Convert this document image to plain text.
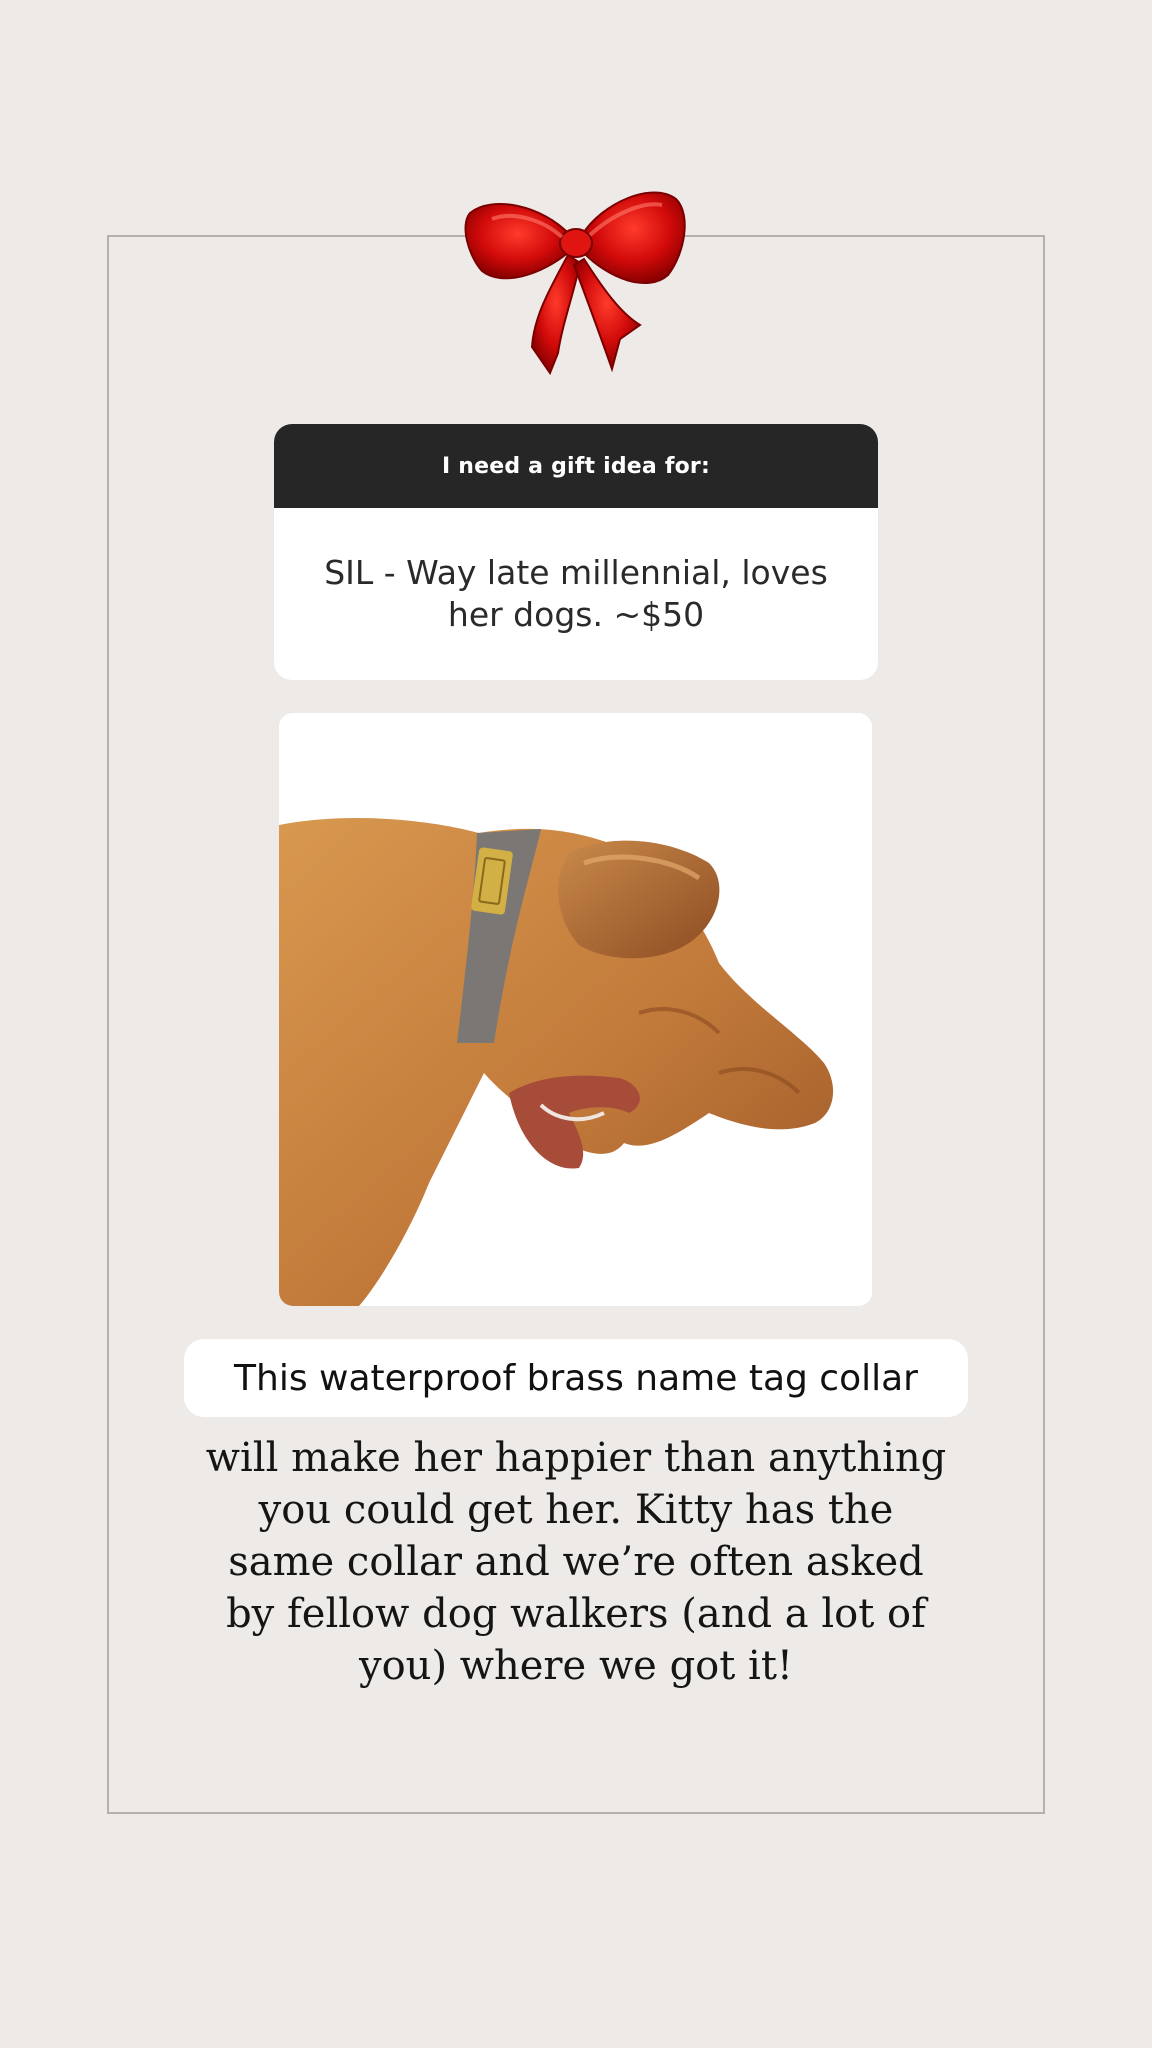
I need a gift idea for:
SIL - Way late millennial, loves her dogs. ~$50
This waterproof brass name tag collar
will make her happier than anything you could get her. Kitty has the same collar and we’re often asked by fellow dog walkers (and a lot of you) where we got it!
